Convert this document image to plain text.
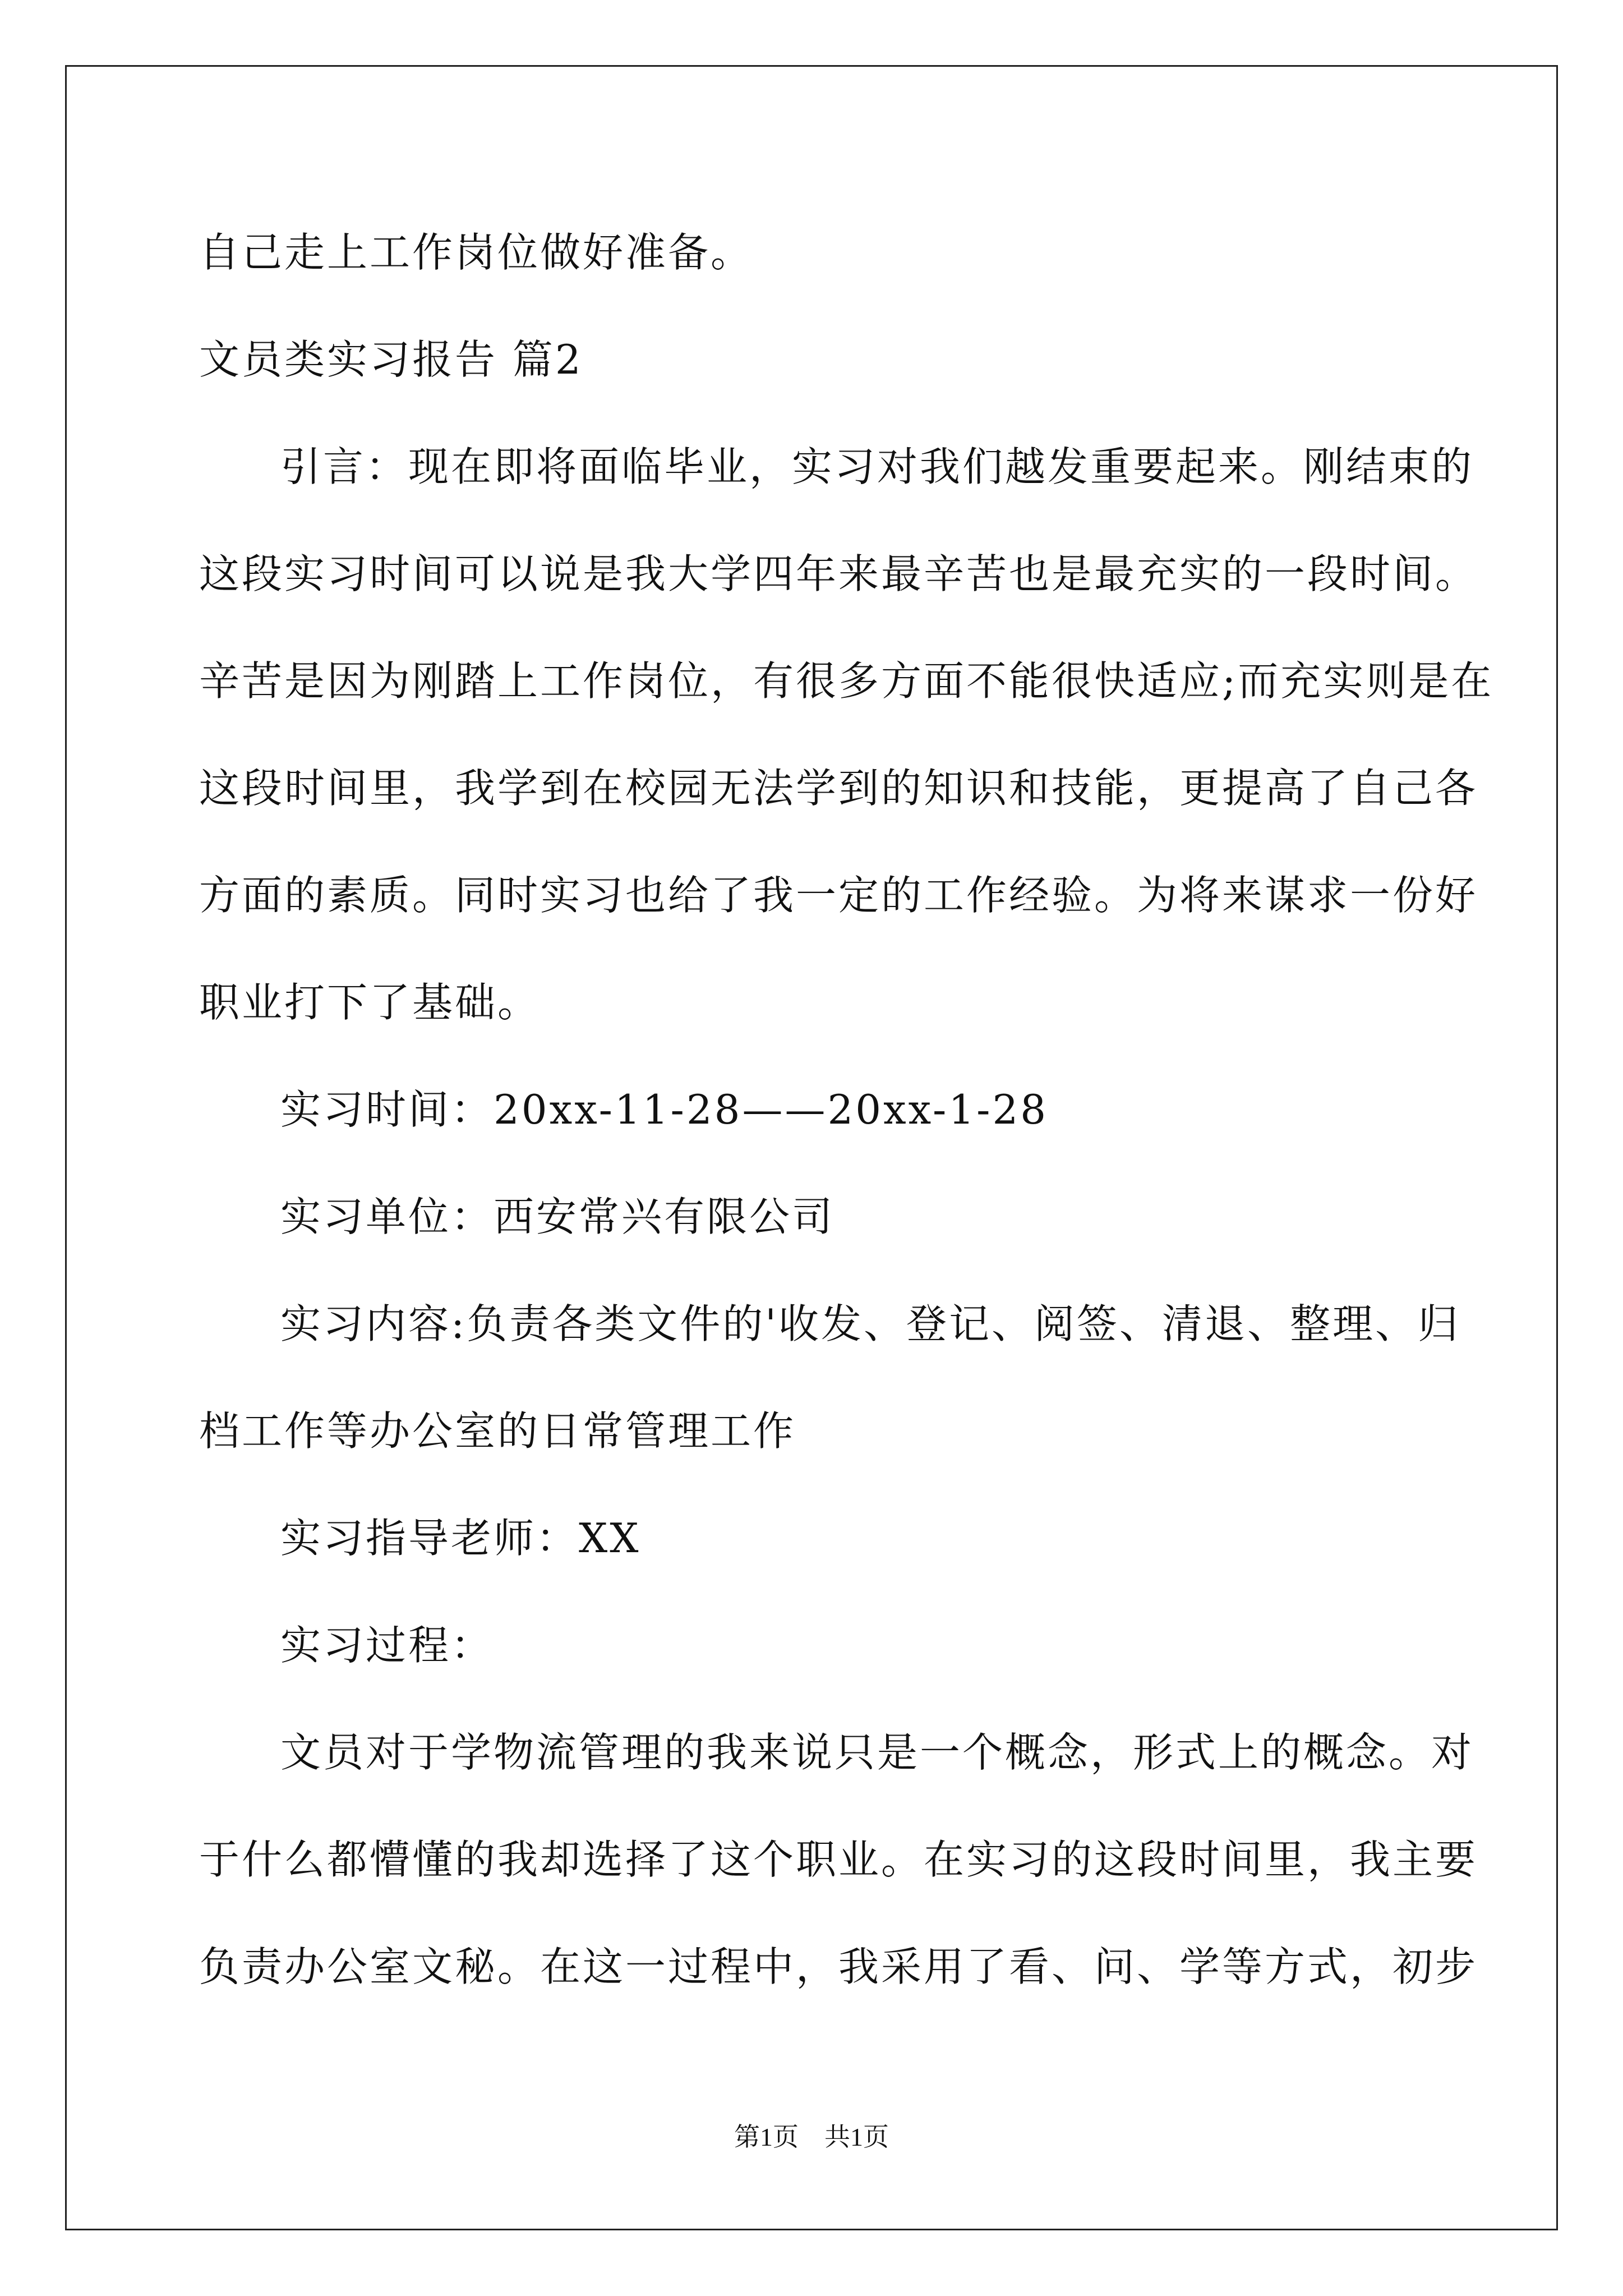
自己走上工作岗位做好准备。
文员类实习报告 篇2
引言：现在即将面临毕业，实习对我们越发重要起来。刚结束的
这段实习时间可以说是我大学四年来最辛苦也是最充实的一段时间。
辛苦是因为刚踏上工作岗位，有很多方面不能很快适应;而充实则是在
这段时间里，我学到在校园无法学到的知识和技能，更提高了自己各
方面的素质。同时实习也给了我一定的工作经验。为将来谋求一份好
职业打下了基础。
实习时间：20xx-11-28——20xx-1-28
实习单位：西安常兴有限公司
实习内容:负责各类文件的'收发、登记、阅签、清退、整理、归
档工作等办公室的日常管理工作
实习指导老师：XX
实习过程：
文员对于学物流管理的我来说只是一个概念，形式上的概念。对
于什么都懵懂的我却选择了这个职业。在实习的这段时间里，我主要
负责办公室文秘。在这一过程中，我采用了看、问、学等方式，初步
第1页　共1页
